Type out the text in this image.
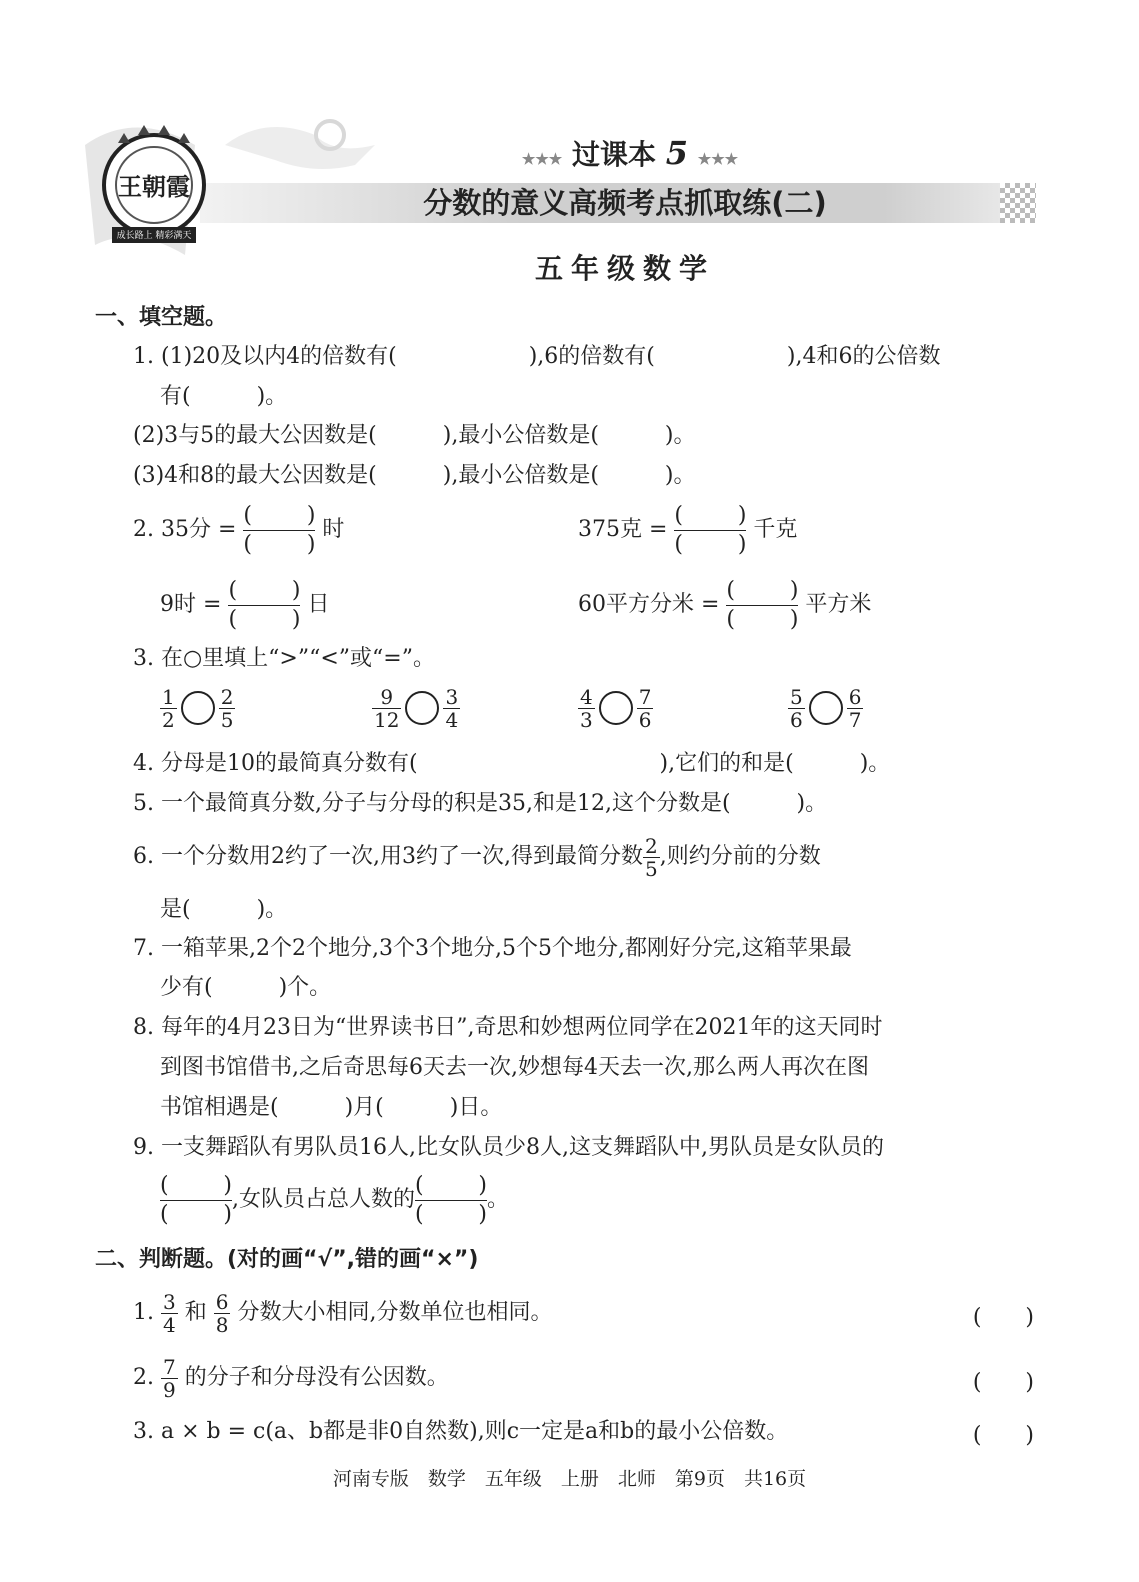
王朝霞
成长路上 精彩满天
★★★ 过课本 5 ★★★
分数的意义高频考点抓取练(二)
五年级数学
一、填空题。
1. (1)20及以内4的倍数有(　　　　　　),6的倍数有(　　　　　　),4和6的公倍数
有(　　　)。
(2)3与5的最大公因数是(　　　),最小公倍数是(　　　)。
(3)4和8的最大公因数是(　　　),最小公倍数是(　　　)。
2. 35分 = $\frac{( )}{( )}$ 时	375克 = $\frac{( )}{( )}$ 千克
9时 = $\frac{( )}{( )}$ 日	60平方分米 = $\frac{( )}{( )}$ 平方米
3. 在○里填上“>”“<”或“=”。
$\frac{1}{2} \frac{2}{5}$	$\frac{9}{12} \frac{3}{4}$	$\frac{4}{3} \frac{7}{6}$	$\frac{5}{6} \frac{6}{7}$
4. 分母是10的最简真分数有(　　　　　　　　　　　),它们的和是(　　　)。
5. 一个最简真分数,分子与分母的积是35,和是12,这个分数是(　　　)。
6. 一个分数用2约了一次,用3约了一次,得到最简分数 $\frac{2}{5}$ ,则约分前的分数
是(　　　)。
7. 一箱苹果,2个2个地分,3个3个地分,5个5个地分,都刚好分完,这箱苹果最
少有(　　　)个。
8. 每年的4月23日为“世界读书日”,奇思和妙想两位同学在2021年的这天同时
到图书馆借书,之后奇思每6天去一次,妙想每4天去一次,那么两人再次在图
书馆相遇是(　　　)月(　　　)日。
9. 一支舞蹈队有男队员16人,比女队员少8人,这支舞蹈队中,男队员是女队员的
$\frac{( )}{( )}$ ,女队员占总人数的 $\frac{( )}{( )}$ 。
二、判断题。(对的画“√”,错的画“×”)
1. $\frac{3}{4}$ 和 $\frac{6}{8}$ 分数大小相同,分数单位也相同。	(　　)
2. $\frac{7}{9}$ 的分子和分母没有公因数。	(　　)
3. a × b = c(a、b都是非0自然数),则c一定是a和b的最小公倍数。	(　　)
河南专版　数学　五年级　上册　北师　第9页　共16页
